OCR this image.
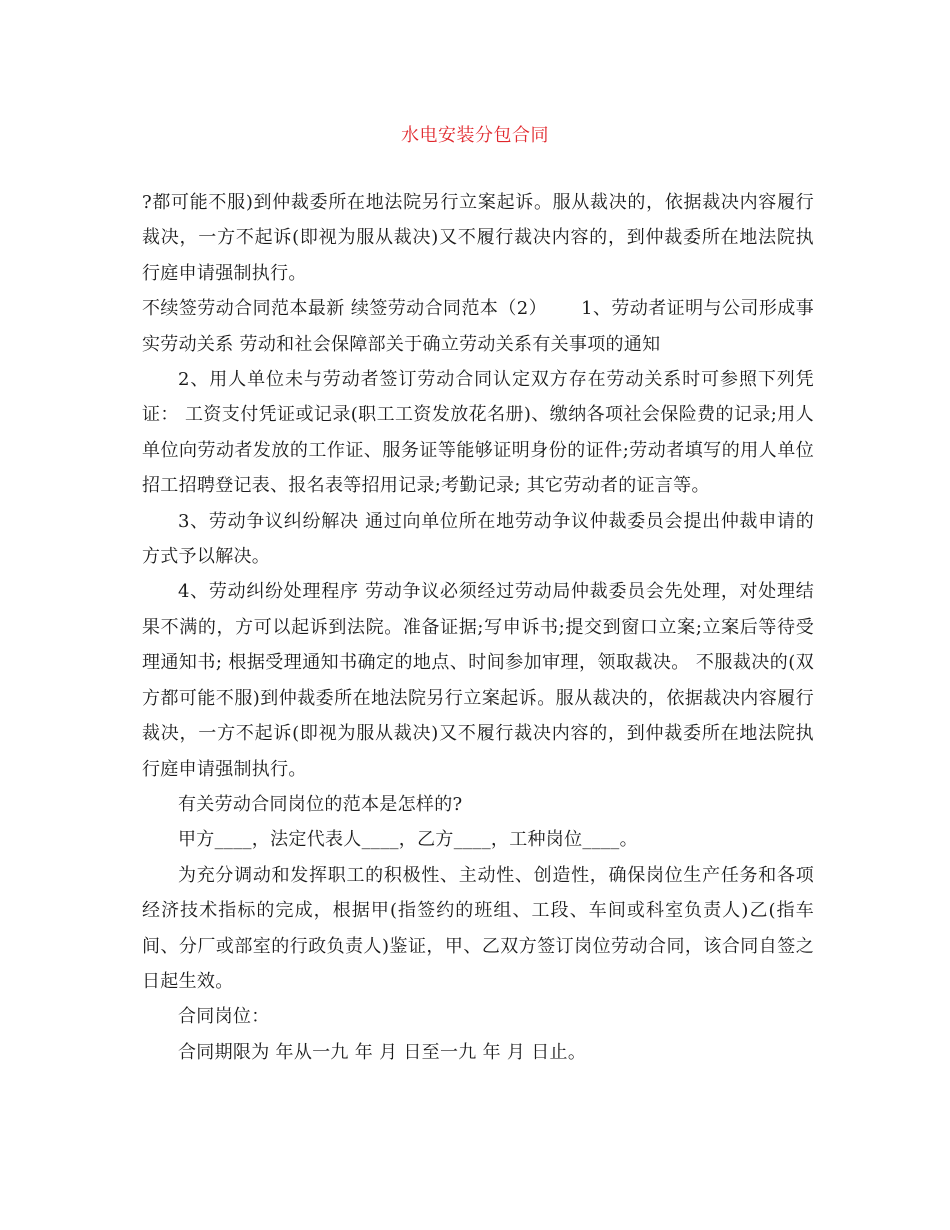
水电安装分包合同

?都可能不服)到仲裁委所在地法院另行立案起诉。服从裁决的，依据裁决内容履行裁决，一方不起诉(即视为服从裁决)又不履行裁决内容的，到仲裁委所在地法院执行庭申请强制执行。

不续签劳动合同范本最新 续签劳动合同范本（2）　　 1、劳动者证明与公司形成事实劳动关系 劳动和社会保障部关于确立劳动关系有关事项的通知

2、用人单位未与劳动者签订劳动合同认定双方存在劳动关系时可参照下列凭证： 工资支付凭证或记录(职工工资发放花名册)、缴纳各项社会保险费的记录;用人单位向劳动者发放的工作证、服务证等能够证明身份的证件;劳动者填写的用人单位招工招聘登记表、报名表等招用记录;考勤记录; 其它劳动者的证言等。

3、劳动争议纠纷解决 通过向单位所在地劳动争议仲裁委员会提出仲裁申请的方式予以解决。

4、劳动纠纷处理程序 劳动争议必须经过劳动局仲裁委员会先处理，对处理结果不满的，方可以起诉到法院。准备证据;写申诉书;提交到窗口立案;立案后等待受理通知书; 根据受理通知书确定的地点、时间参加审理，领取裁决。 不服裁决的(双方都可能不服)到仲裁委所在地法院另行立案起诉。服从裁决的，依据裁决内容履行裁决，一方不起诉(即视为服从裁决)又不履行裁决内容的，到仲裁委所在地法院执行庭申请强制执行。

有关劳动合同岗位的范本是怎样的?

甲方____，法定代表人____，乙方____，工种岗位____。

为充分调动和发挥职工的积极性、主动性、创造性，确保岗位生产任务和各项经济技术指标的完成，根据甲(指签约的班组、工段、车间或科室负责人)乙(指车间、分厂或部室的行政负责人)鉴证，甲、乙双方签订岗位劳动合同，该合同自签之日起生效。

合同岗位：

合同期限为 年从一九 年 月 日至一九 年 月 日止。
